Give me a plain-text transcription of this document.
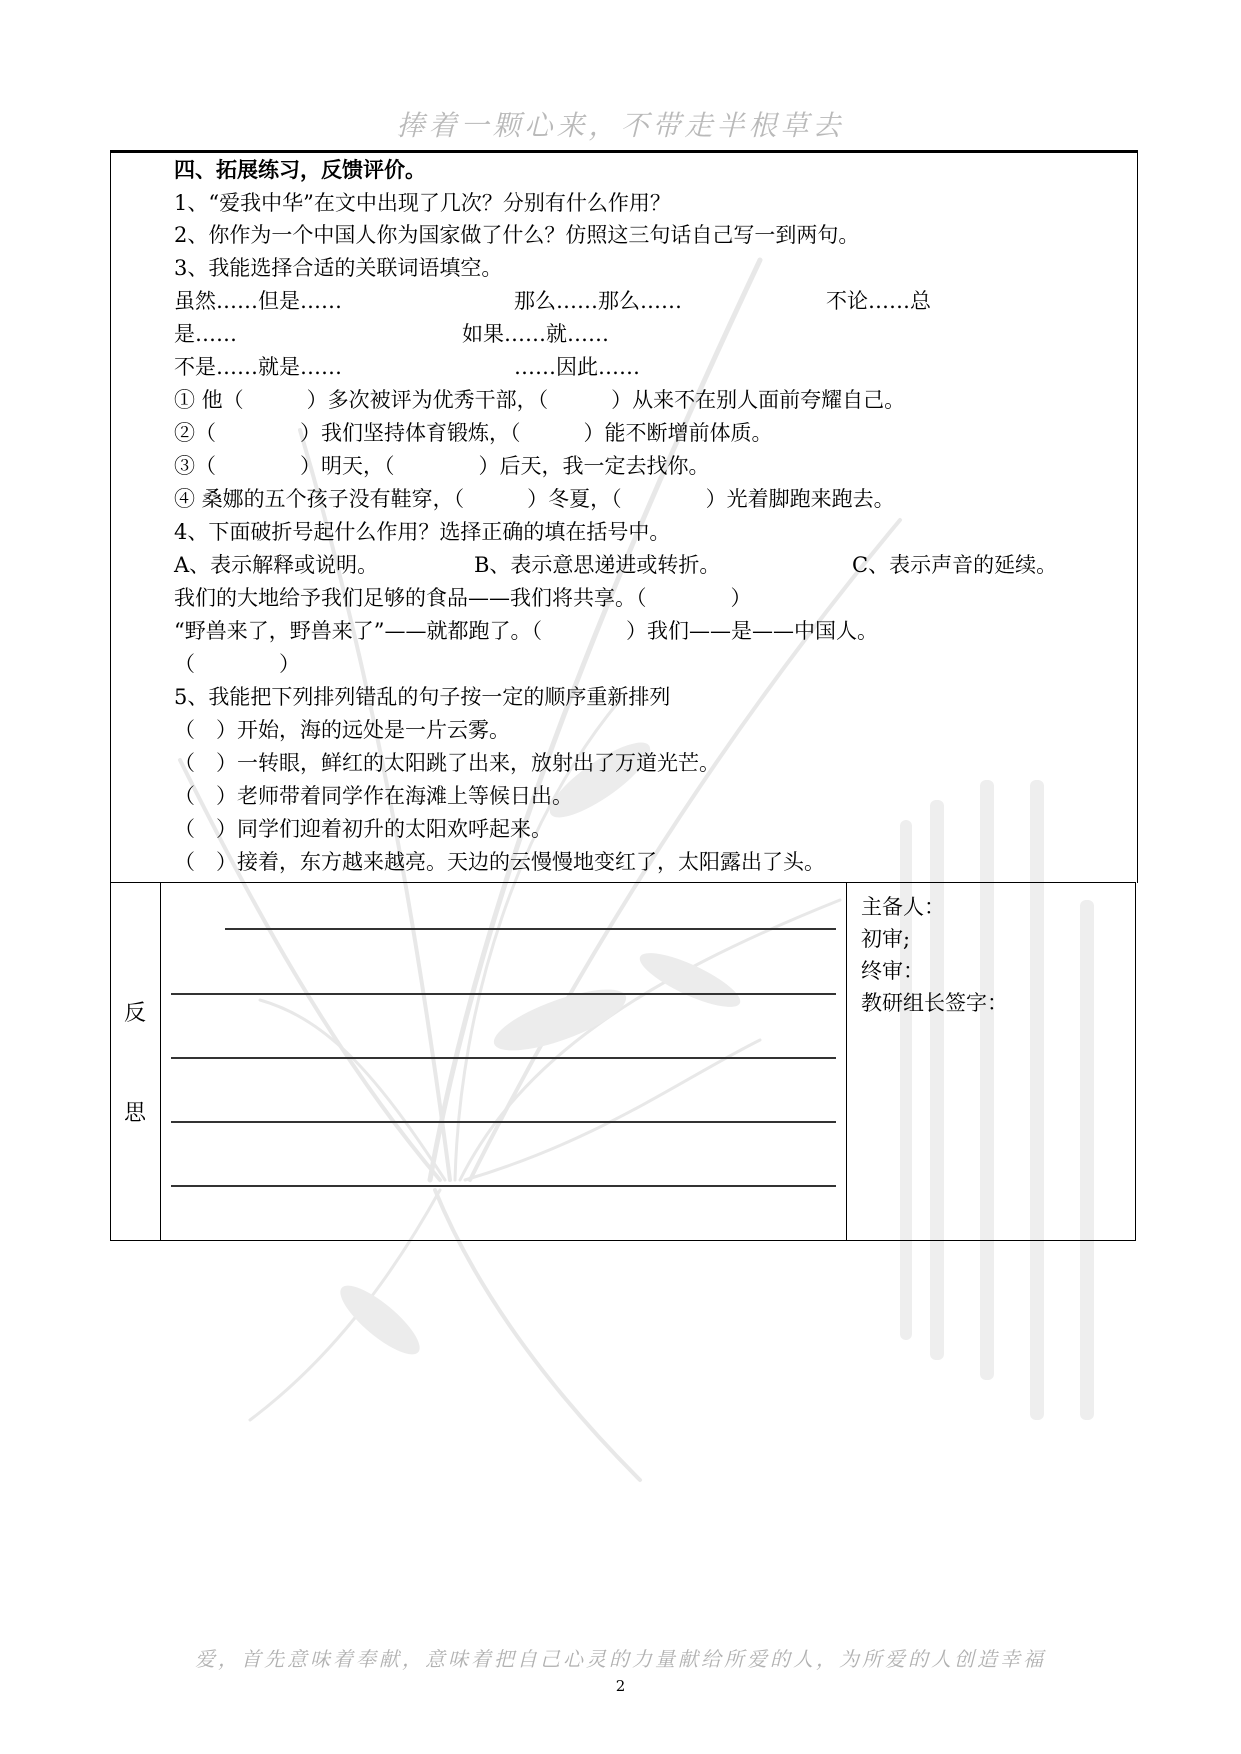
捧着一颗心来，不带走半根草去
四、拓展练习，反馈评价。
1、“爱我中华”在文中出现了几次？分别有什么作用？
2、你作为一个中国人你为国家做了什么？仿照这三句话自己写一到两句。
3、我能选择合适的关联词语填空。
虽然……但是……	那么……那么……	不论……总
是……	如果……就……
不是……就是……	……因此……
① 他（　　　）多次被评为优秀干部，（　　　）从来不在别人面前夸耀自己。
②（　　　　）我们坚持体育锻炼，（　　　）能不断增前体质。
③（　　　　）明天，（　　　　）后天，我一定去找你。
④ 桑娜的五个孩子没有鞋穿，（　　　）冬夏，（　　　　）光着脚跑来跑去。
4、下面破折号起什么作用？选择正确的填在括号中。
A、表示解释或说明。	B、表示意思递进或转折。	C、表示声音的延续。
我们的大地给予我们足够的食品——我们将共享。（　　　　）
“野兽来了，野兽来了”——就都跑了。（　　　　）我们——是——中国人。
（　　　　）
5、我能把下列排列错乱的句子按一定的顺序重新排列
（　）开始，海的远处是一片云雾。
（　）一转眼，鲜红的太阳跳了出来，放射出了万道光芒。
（　）老师带着同学作在海滩上等候日出。
（　）同学们迎着初升的太阳欢呼起来。
（　）接着，东方越来越亮。天边的云慢慢地变红了，太阳露出了头。
反
思
主备人：
初审;
终审：
教研组长签字：
爱，首先意味着奉献，意味着把自己心灵的力量献给所爱的人，为所爱的人创造幸福
2
